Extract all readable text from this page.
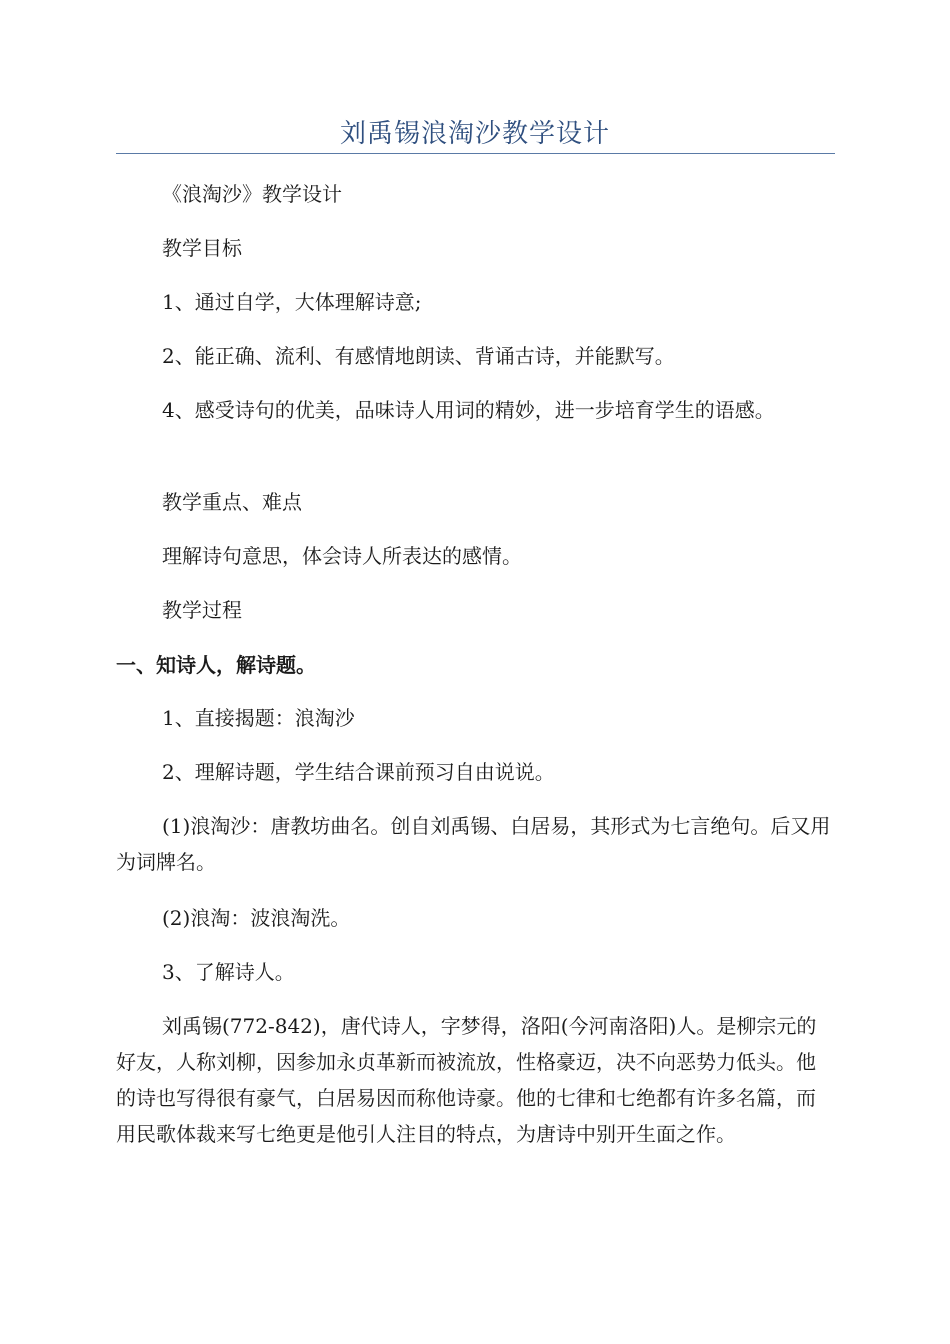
刘禹锡浪淘沙教学设计

《浪淘沙》教学设计

教学目标

1、通过自学，大体理解诗意;

2、能正确、流利、有感情地朗读、背诵古诗，并能默写。

4、感受诗句的优美，品味诗人用词的精妙，进一步培育学生的语感。

教学重点、难点

理解诗句意思，体会诗人所表达的感情。

教学过程

一、知诗人，解诗题。

1、直接揭题：浪淘沙

2、理解诗题，学生结合课前预习自由说说。

(1)浪淘沙：唐教坊曲名。创自刘禹锡、白居易，其形式为七言绝句。后又用为词牌名。

(2)浪淘：波浪淘洗。

3、了解诗人。

刘禹锡(772-842)，唐代诗人，字梦得，洛阳(今河南洛阳)人。是柳宗元的好友，人称刘柳，因参加永贞革新而被流放，性格豪迈，决不向恶势力低头。他的诗也写得很有豪气，白居易因而称他诗豪。他的七律和七绝都有许多名篇，而用民歌体裁来写七绝更是他引人注目的特点，为唐诗中别开生面之作。
